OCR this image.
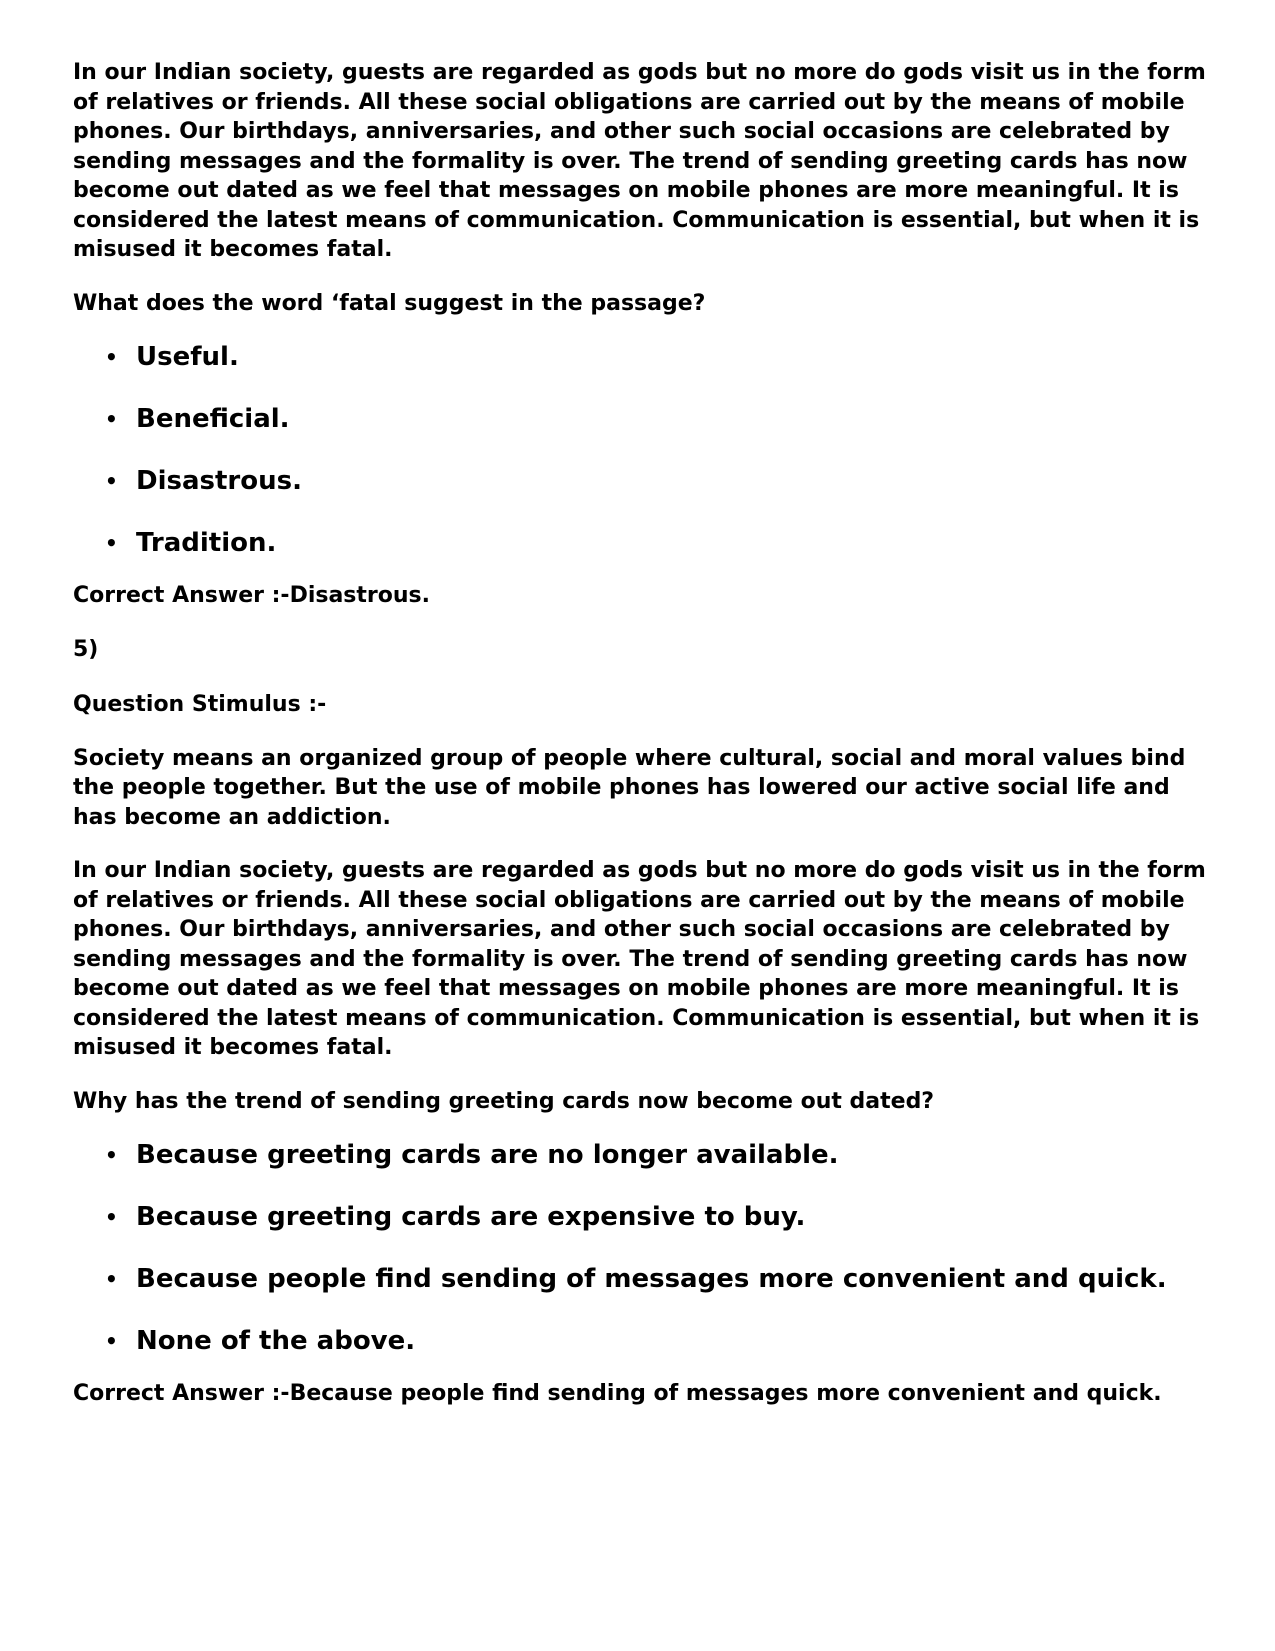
In our Indian society, guests are regarded as gods but no more do gods visit us in the form of relatives or friends. All these social obligations are carried out by the means of mobile phones. Our birthdays, anniversaries, and other such social occasions are celebrated by sending messages and the formality is over. The trend of sending greeting cards has now become out dated as we feel that messages on mobile phones are more meaningful. It is considered the latest means of communication. Communication is essential, but when it is misused it becomes fatal.

What does the word ‘fatal suggest in the passage?

• Useful.
• Beneficial.
• Disastrous.
• Tradition.

Correct Answer :-Disastrous.

5)

Question Stimulus :-

Society means an organized group of people where cultural, social and moral values bind the people together. But the use of mobile phones has lowered our active social life and has become an addiction.

In our Indian society, guests are regarded as gods but no more do gods visit us in the form of relatives or friends. All these social obligations are carried out by the means of mobile phones. Our birthdays, anniversaries, and other such social occasions are celebrated by sending messages and the formality is over. The trend of sending greeting cards has now become out dated as we feel that messages on mobile phones are more meaningful. It is considered the latest means of communication. Communication is essential, but when it is misused it becomes fatal.

Why has the trend of sending greeting cards now become out dated?

• Because greeting cards are no longer available.
• Because greeting cards are expensive to buy.
• Because people find sending of messages more convenient and quick.
• None of the above.

Correct Answer :-Because people find sending of messages more convenient and quick.
